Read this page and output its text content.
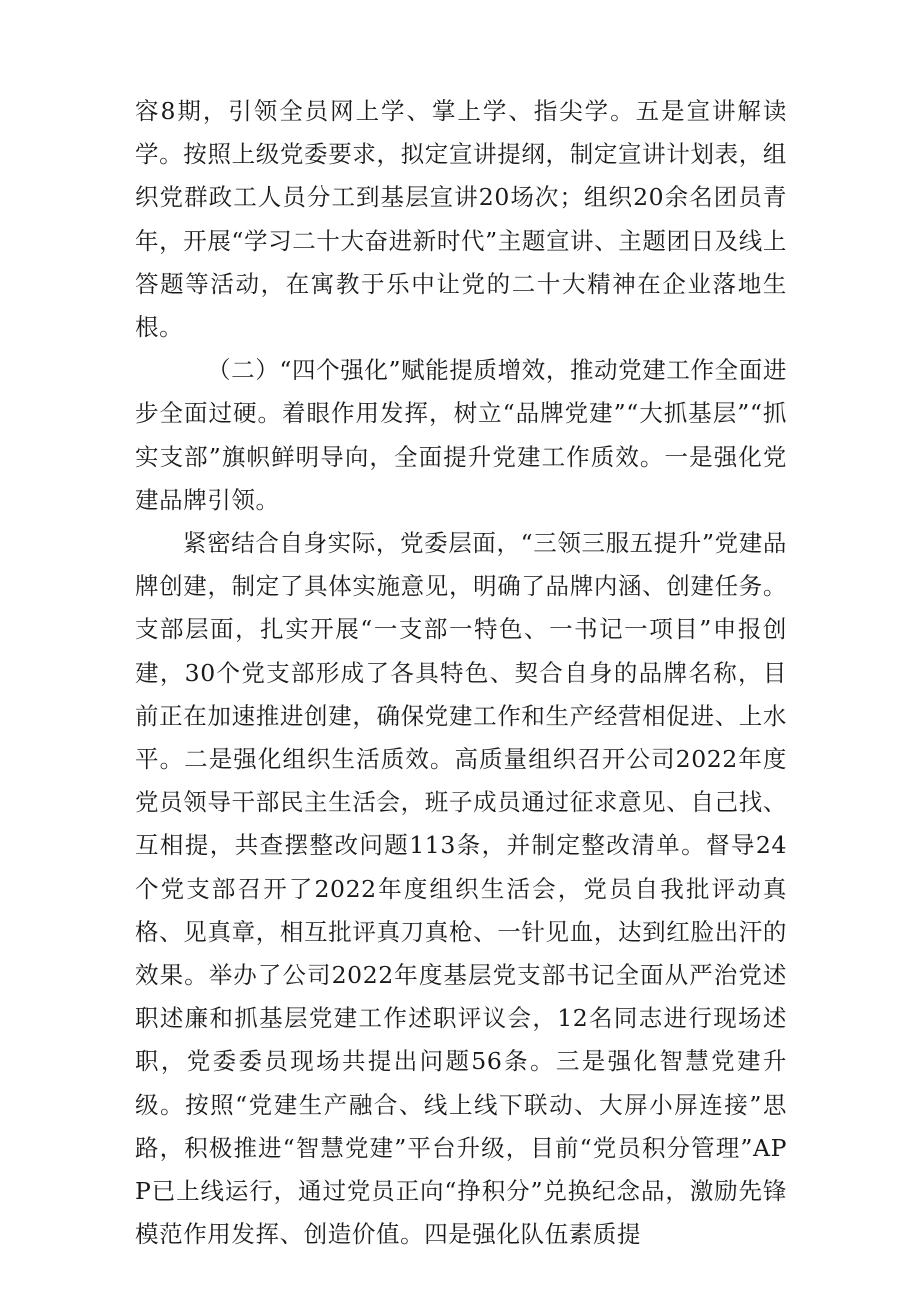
容8期，引领全员网上学、掌上学、指尖学。五是宣讲解读学。按照上级党委要求，拟定宣讲提纲，制定宣讲计划表，组织党群政工人员分工到基层宣讲20场次；组织20余名团员青年，开展“学习二十大奋进新时代”主题宣讲、主题团日及线上答题等活动，在寓教于乐中让党的二十大精神在企业落地生根。

（二）“四个强化”赋能提质增效，推动党建工作全面进步全面过硬。着眼作用发挥，树立“品牌党建”“大抓基层”“抓实支部”旗帜鲜明导向，全面提升党建工作质效。一是强化党建品牌引领。

紧密结合自身实际，党委层面，“三领三服五提升”党建品牌创建，制定了具体实施意见，明确了品牌内涵、创建任务。支部层面，扎实开展“一支部一特色、一书记一项目”申报创建，30个党支部形成了各具特色、契合自身的品牌名称，目前正在加速推进创建，确保党建工作和生产经营相促进、上水平。二是强化组织生活质效。高质量组织召开公司2022年度党员领导干部民主生活会，班子成员通过征求意见、自己找、互相提，共查摆整改问题113条，并制定整改清单。督导24个党支部召开了2022年度组织生活会，党员自我批评动真格、见真章，相互批评真刀真枪、一针见血，达到红脸出汗的效果。举办了公司2022年度基层党支部书记全面从严治党述职述廉和抓基层党建工作述职评议会，12名同志进行现场述职，党委委员现场共提出问题56条。三是强化智慧党建升级。按照“党建生产融合、线上线下联动、大屏小屏连接”思路，积极推进“智慧党建”平台升级，目前“党员积分管理”APP已上线运行，通过党员正向“挣积分”兑换纪念品，激励先锋模范作用发挥、创造价值。四是强化队伍素质提
